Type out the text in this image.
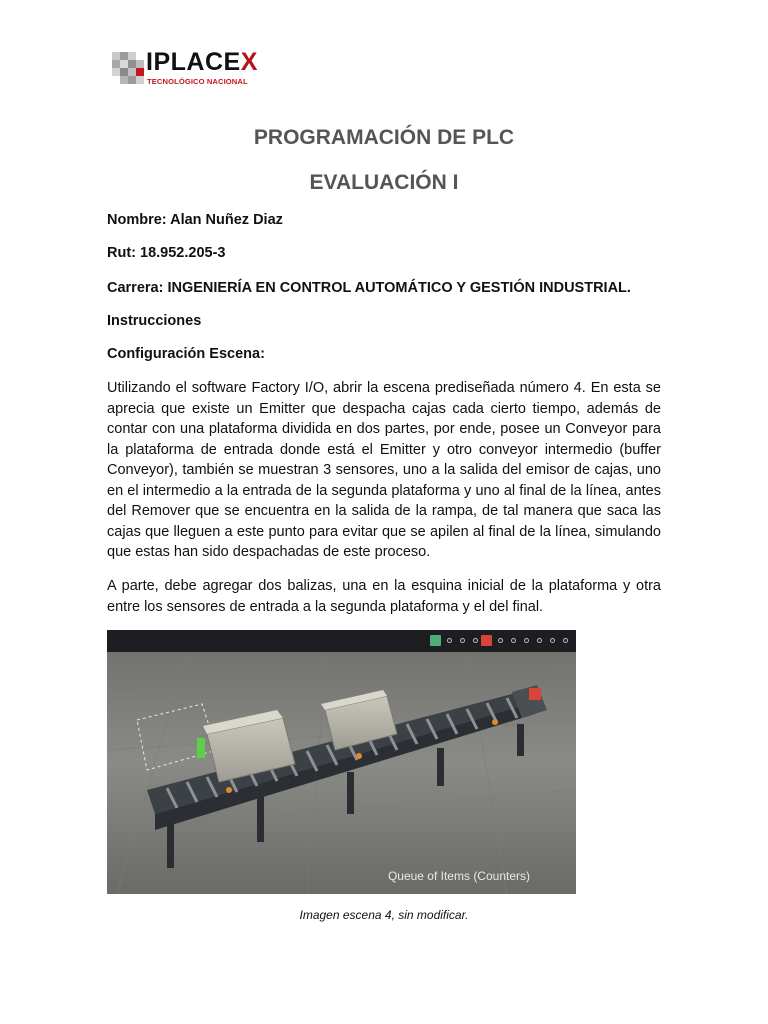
IPLACEX
TECNOLÓGICO NACIONAL
PROGRAMACIÓN DE PLC
EVALUACIÓN I
Nombre: Alan Nuñez Diaz
Rut: 18.952.205-3
Carrera: INGENIERÍA EN CONTROL AUTOMÁTICO Y GESTIÓN INDUSTRIAL.
Instrucciones
Configuración Escena:
Utilizando el software Factory I/O, abrir la escena prediseñada número 4. En esta se aprecia que existe un Emitter que despacha cajas cada cierto tiempo, además de contar con una plataforma dividida en dos partes, por ende, posee un Conveyor para la plataforma de entrada donde está el Emitter y otro conveyor intermedio (buffer Conveyor), también se muestran 3 sensores, uno a la salida del emisor de cajas, uno en el intermedio a la entrada de la segunda plataforma y uno al final de la línea, antes del Remover que se encuentra en la salida de la rampa, de tal manera que saca las cajas que lleguen a este punto para evitar que se apilen al final de la línea, simulando que estas han sido despachadas de este proceso.
A parte, debe agregar dos balizas, una en la esquina inicial de la plataforma y otra entre los sensores de entrada a la segunda plataforma y el del final.
Queue of Items (Counters)
Imagen escena 4, sin modificar.
